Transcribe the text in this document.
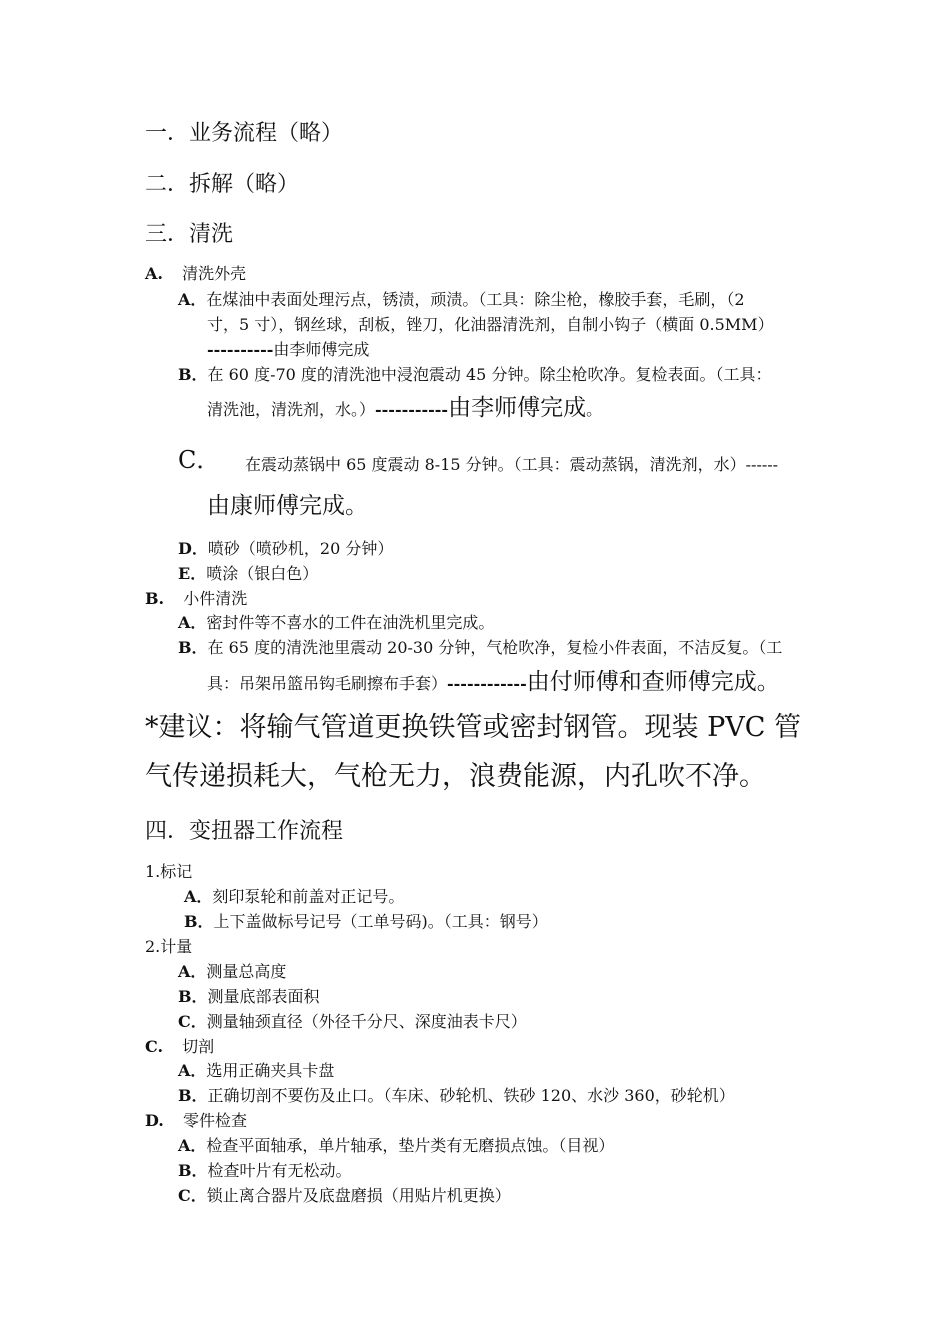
一．业务流程（略）
二．拆解（略）
三．清洗
A. 清洗外壳
A．在煤油中表面处理污点，锈渍，顽渍。（工具：除尘枪，橡胶手套，毛刷，（2
寸，5 寸），钢丝球，刮板，锉刀，化油器清洗剂，自制小钩子（横面 0.5MM）
----------由李师傅完成
B．在 60 度-70 度的清洗池中浸泡震动 45 分钟。除尘枪吹净。复检表面。（工具：
清洗池，清洗剂，水。）-----------由李师傅完成。
C． 在震动蒸锅中 65 度震动 8-15 分钟。（工具：震动蒸锅，清洗剂，水）------
由康师傅完成。
D．喷砂（喷砂机，20 分钟）
E．喷涂（银白色）
B. 小件清洗
A．密封件等不喜水的工件在油洗机里完成。
B．在 65 度的清洗池里震动 20-30 分钟，气枪吹净，复检小件表面，不洁反复。（工
具：吊架吊篮吊钩毛刷擦布手套）------------由付师傅和查师傅完成。
*建议：将输气管道更换铁管或密封钢管。现装 PVC 管
气传递损耗大，气枪无力，浪费能源，内孔吹不净。
四．变扭器工作流程
1.标记
A．刻印泵轮和前盖对正记号。
B．上下盖做标号记号（工单号码)。（工具：钢号）
2.计量
A．测量总高度
B．测量底部表面积
C．测量轴颈直径（外径千分尺、深度油表卡尺）
C. 切剖
A．选用正确夹具卡盘
B．正确切剖不要伤及止口。（车床、砂轮机、铁砂 120、水沙 360，砂轮机）
D. 零件检查
A．检查平面轴承，单片轴承，垫片类有无磨损点蚀。（目视）
B．检查叶片有无松动。
C．锁止离合器片及底盘磨损（用贴片机更换）
